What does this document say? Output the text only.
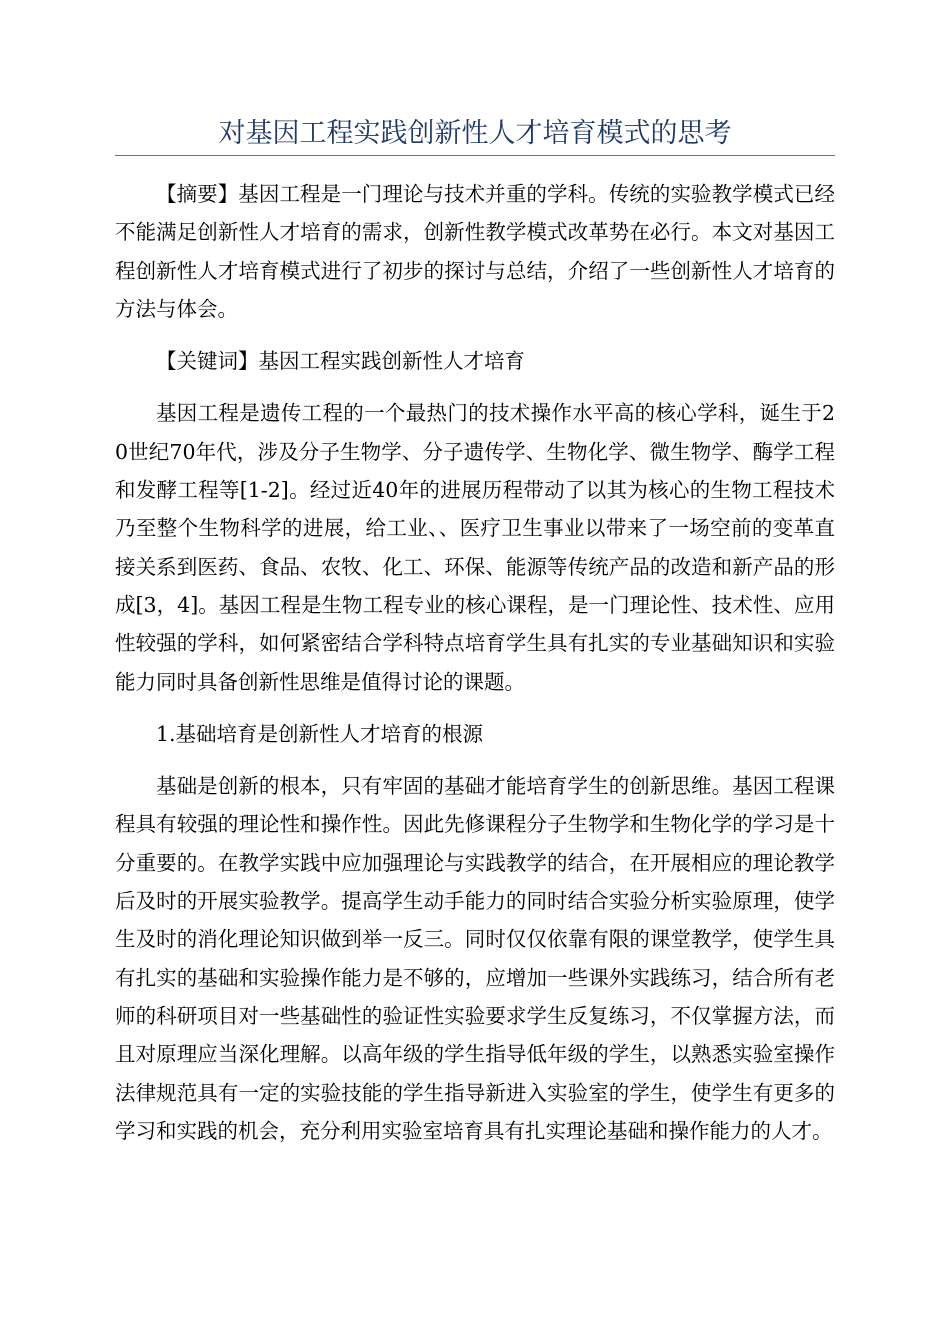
对基因工程实践创新性人才培育模式的思考

【摘要】基因工程是一门理论与技术并重的学科。传统的实验教学模式已经不能满足创新性人才培育的需求，创新性教学模式改革势在必行。本文对基因工程创新性人才培育模式进行了初步的探讨与总结，介绍了一些创新性人才培育的方法与体会。

【关键词】基因工程实践创新性人才培育

基因工程是遗传工程的一个最热门的技术操作水平高的核心学科，诞生于20世纪70年代，涉及分子生物学、分子遗传学、生物化学、微生物学、酶学工程和发酵工程等[1-2]。经过近40年的进展历程带动了以其为核心的生物工程技术乃至整个生物科学的进展，给工业、、医疗卫生事业以带来了一场空前的变革直接关系到医药、食品、农牧、化工、环保、能源等传统产品的改造和新产品的形成[3，4]。基因工程是生物工程专业的核心课程，是一门理论性、技术性、应用性较强的学科，如何紧密结合学科特点培育学生具有扎实的专业基础知识和实验能力同时具备创新性思维是值得讨论的课题。

1.基础培育是创新性人才培育的根源

基础是创新的根本，只有牢固的基础才能培育学生的创新思维。基因工程课程具有较强的理论性和操作性。因此先修课程分子生物学和生物化学的学习是十分重要的。在教学实践中应加强理论与实践教学的结合，在开展相应的理论教学后及时的开展实验教学。提高学生动手能力的同时结合实验分析实验原理，使学生及时的消化理论知识做到举一反三。同时仅仅依靠有限的课堂教学，使学生具有扎实的基础和实验操作能力是不够的，应增加一些课外实践练习，结合所有老师的科研项目对一些基础性的验证性实验要求学生反复练习，不仅掌握方法，而且对原理应当深化理解。以高年级的学生指导低年级的学生，以熟悉实验室操作法律规范具有一定的实验技能的学生指导新进入实验室的学生，使学生有更多的学习和实践的机会，充分利用实验室培育具有扎实理论基础和操作能力的人才。
